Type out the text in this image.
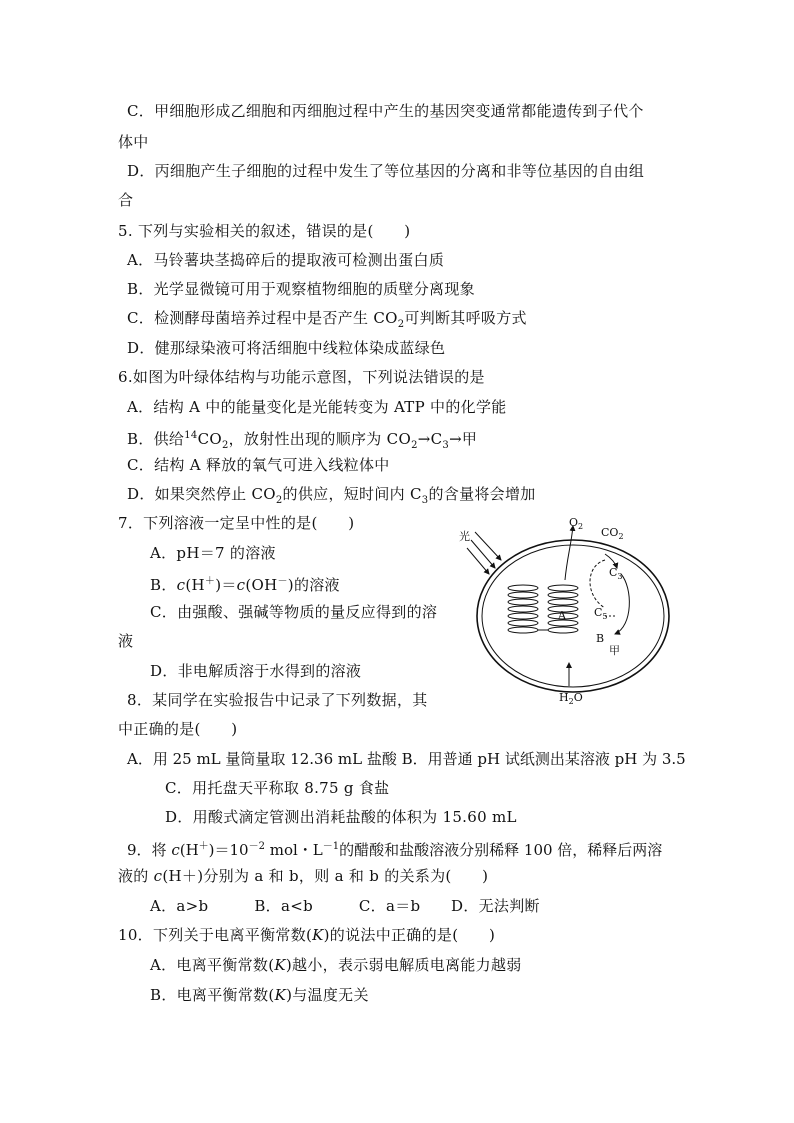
C．甲细胞形成乙细胞和丙细胞过程中产生的基因突变通常都能遗传到子代个
体中
D．丙细胞产生子细胞的过程中发生了等位基因的分离和非等位基因的自由组
合
5. 下列与实验相关的叙述，错误的是(　　)
A．马铃薯块茎捣碎后的提取液可检测出蛋白质
B．光学显微镜可用于观察植物细胞的质壁分离现象
C．检测酵母菌培养过程中是否产生 $CO_2$可判断其呼吸方式
D．健那绿染液可将活细胞中线粒体染成蓝绿色
6.如图为叶绿体结构与功能示意图，下列说法错误的是
A．结构 A 中的能量变化是光能转变为 ATP 中的化学能
B．供给$^{14}CO_2$，放射性出现的顺序为 $CO_2\to C_3\to$甲
C．结构 A 释放的氧气可进入线粒体中
D．如果突然停止 $CO_2$的供应，短时间内 $C_3$的含量将会增加
7．下列溶液一定呈中性的是(　　)
A．pH＝7 的溶液
B．c(H＋)＝c(OH－)的溶液
C．由强酸、强碱等物质的量反应得到的溶
液
D．非电解质溶于水得到的溶液
8．某同学在实验报告中记录了下列数据，其
中正确的是(　　)
A．用 25 mL 量筒量取 12.36 mL 盐酸 B．用普通 pH 试纸测出某溶液 pH 为 3.5
C．用托盘天平称取 8.75 g 食盐
D．用酸式滴定管测出消耗盐酸的体积为 15.60 mL
9．将 $c(H^+)=10^{-2}$ mol・$L^{-1}$的醋酸和盐酸溶液分别稀释 100 倍，稀释后两溶
液的 c(H＋)分别为 a 和 b，则 a 和 b 的关系为(　　)
A．a>b　　　B．a<b　　　C．a＝b　　D．无法判断
10．下列关于电离平衡常数(K)的说法中正确的是(　　)
A．电离平衡常数(K)越小，表示弱电解质电离能力越弱
B．电离平衡常数(K)与温度无关
光
A
$O_2$ $CO_2$
$C_3$
$C_5$
B
甲
$H_2O$
